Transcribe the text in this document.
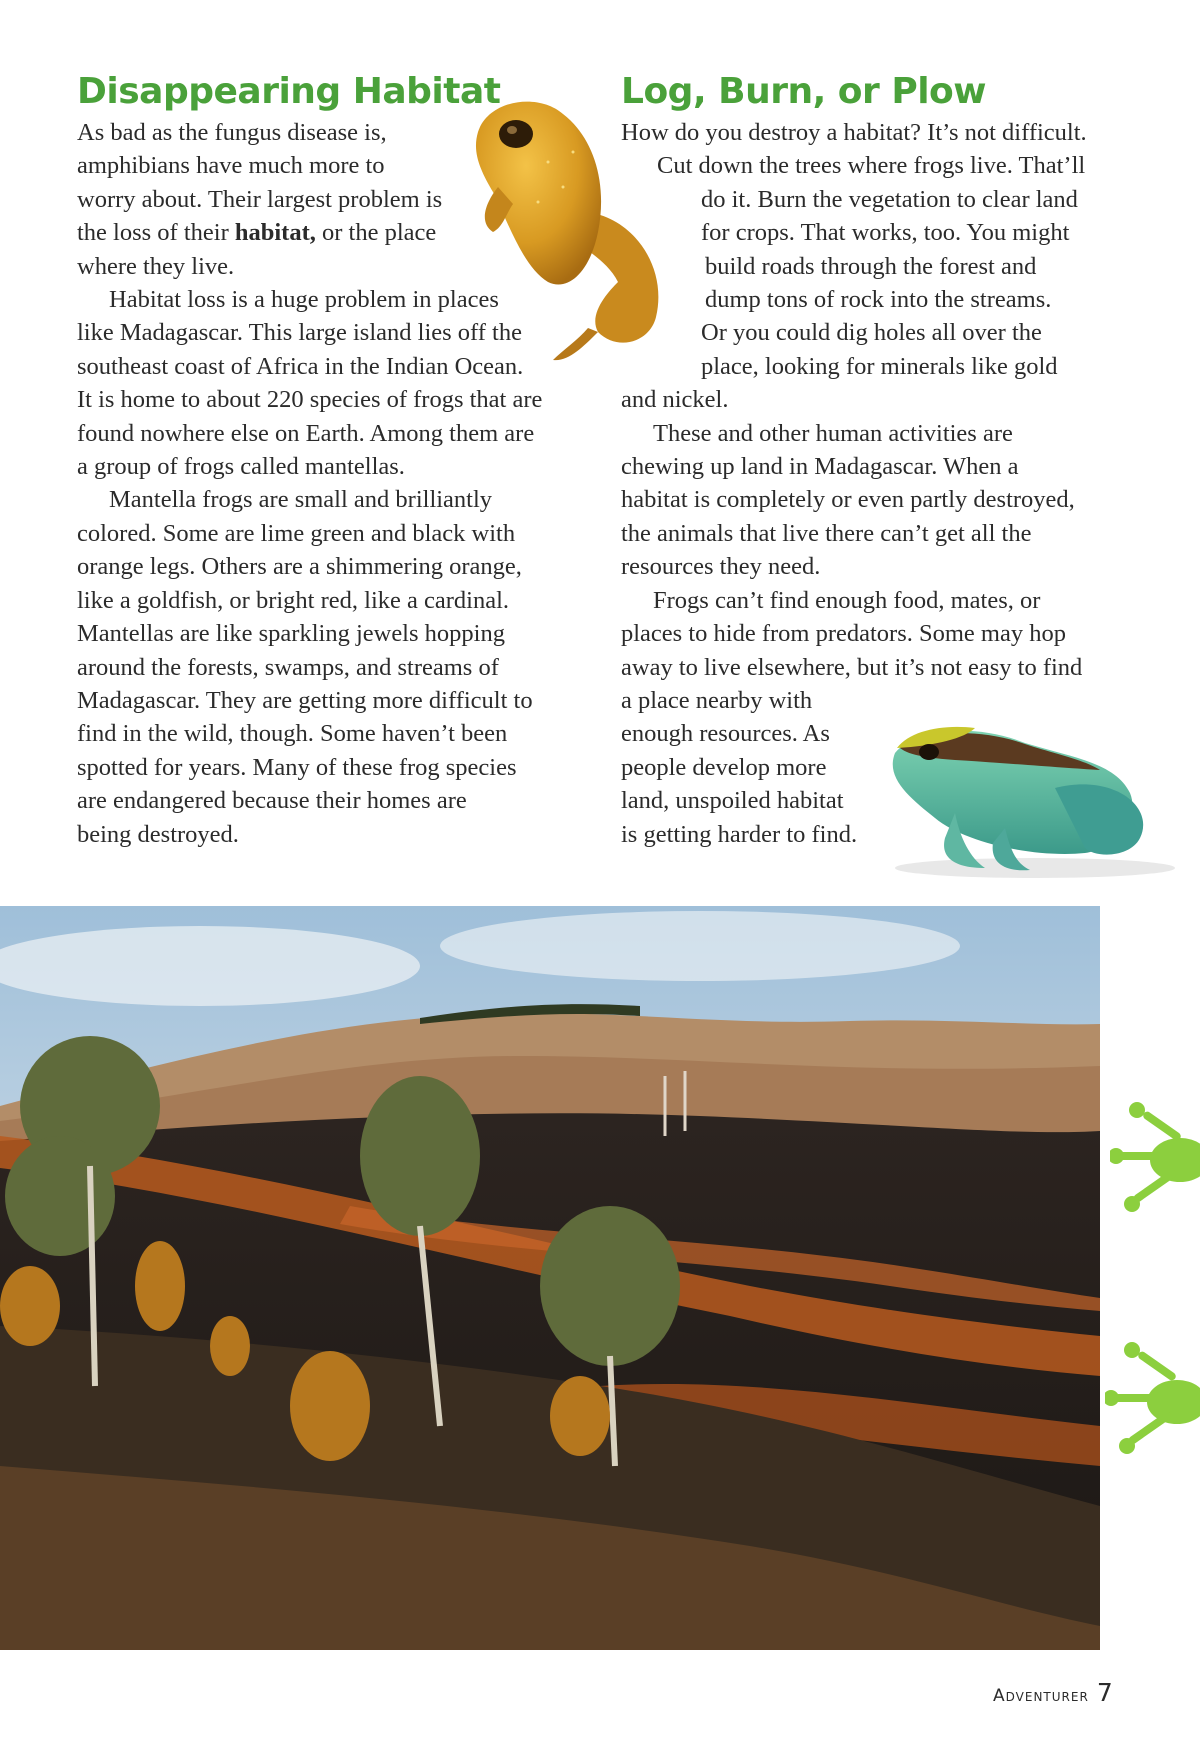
Disappearing Habitat
As bad as the fungus disease is,
amphibians have much more to
worry about. Their largest problem is
the loss of their habitat, or the place
where they live.
Habitat loss is a huge problem in places
like Madagascar. This large island lies off the
southeast coast of Africa in the Indian Ocean.
It is home to about 220 species of frogs that are
found nowhere else on Earth. Among them are
a group of frogs called mantellas.
Mantella frogs are small and brilliantly
colored. Some are lime green and black with
orange legs. Others are a shimmering orange,
like a goldfish, or bright red, like a cardinal.
Mantellas are like sparkling jewels hopping
around the forests, swamps, and streams of
Madagascar. They are getting more difficult to
find in the wild, though. Some haven’t been
spotted for years. Many of these frog species
are endangered because their homes are
being destroyed.
Log, Burn, or Plow
How do you destroy a habitat? It’s not difficult.
Cut down the trees where frogs live. That’ll
do it. Burn the vegetation to clear land
for crops. That works, too. You might
build roads through the forest and
dump tons of rock into the streams.
Or you could dig holes all over the
place, looking for minerals like gold
and nickel.
These and other human activities are
chewing up land in Madagascar. When a
habitat is completely or even partly destroyed,
the animals that live there can’t get all the
resources they need.
Frogs can’t find enough food, mates, or
places to hide from predators. Some may hop
away to live elsewhere, but it’s not easy to find
a place nearby with
enough resources. As
people develop more
land, unspoiled habitat
is getting harder to find.
Adventurer 7
